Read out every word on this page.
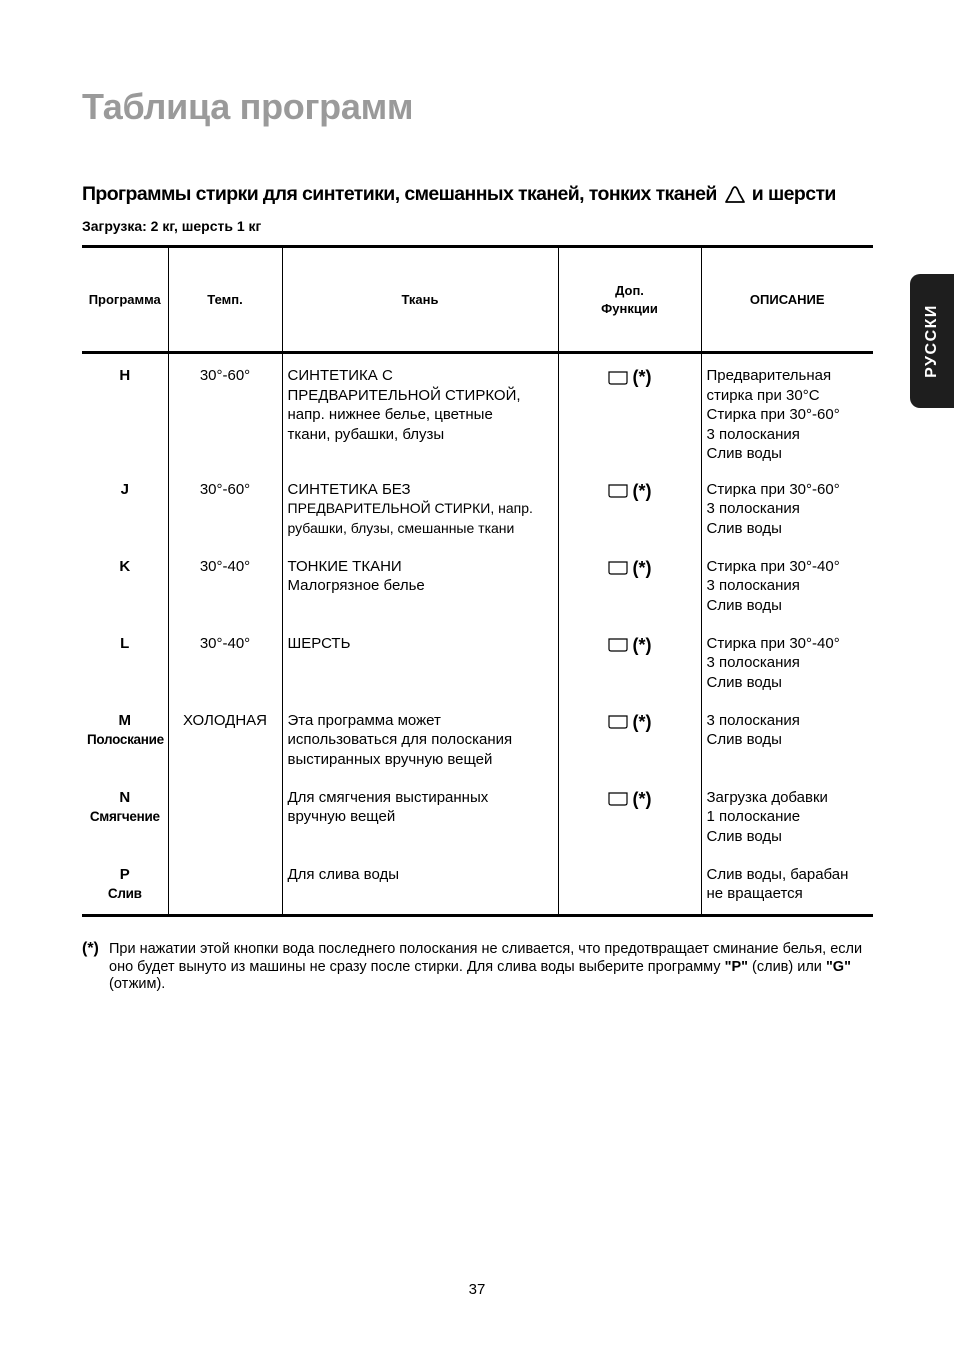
Таблица программ
Программы стирки для синтетики, смешанных тканей, тонких тканей и шерсти

Загрузка: 2 кг, шерсть 1 кг

РУССКИ
Программа	Темп.	Ткань	Доп.
Функции	ОПИСАНИЕ

H	30°-60°	СИНТЕТИКА С
ПРЕДВАРИТЕЛЬНОЙ СТИРКОЙ,
напр. нижнее белье, цветные
ткани, рубашки, блузы	(*)	Предварительная
стирка при 30°С
Стирка при 30°-60°
3 полоскания
Слив воды

J	30°-60°	СИНТЕТИКА БЕЗ
ПРЕДВАРИТЕЛЬНОЙ СТИРКИ, напр.
рубашки, блузы, смешанные ткани	(*)	Стирка при 30°-60°
3 полоскания
Слив воды

K	30°-40°	ТОНКИЕ ТКАНИ
Малогрязное белье	(*)	Стирка при 30°-40°
3 полоскания
Слив воды

L	30°-40°	ШЕРСТЬ	(*)	Стирка при 30°-40°
3 полоскания
Слив воды

M
Полоскание	ХОЛОДНАЯ	Эта программа может
использоваться для полоскания
выстиранных вручную вещей	(*)	3 полоскания
Слив воды

N
Смягчение		Для смягчения выстиранных
вручную вещей	(*)	Загрузка добавки
1 полоскание
Слив воды

P
Слив		Для слива воды		Слив воды, барабан
не вращается
(*) При нажатии этой кнопки вода последнего полоскания не сливается, что предотвращает сминание белья, если оно будет вынуто из машины не сразу после стирки. Для слива воды выберите программу "P" (слив) или "G" (отжим).
37
